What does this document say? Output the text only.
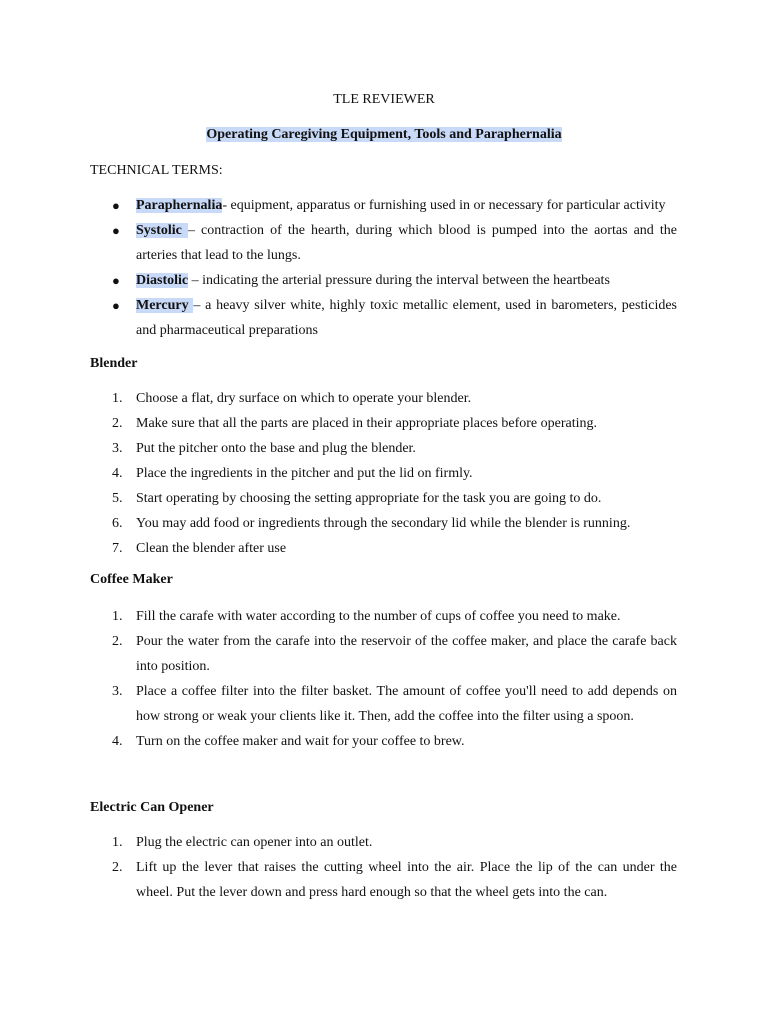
TLE REVIEWER

Operating Caregiving Equipment, Tools and Paraphernalia

TECHNICAL TERMS:

● Paraphernalia- equipment, apparatus or furnishing used in or necessary for particular activity
● Systolic – contraction of the hearth, during which blood is pumped into the aortas and the arteries that lead to the lungs.
● Diastolic – indicating the arterial pressure during the interval between the heartbeats
● Mercury – a heavy silver white, highly toxic metallic element, used in barometers, pesticides and pharmaceutical preparations

Blender

1. Choose a flat, dry surface on which to operate your blender.
2. Make sure that all the parts are placed in their appropriate places before operating.
3. Put the pitcher onto the base and plug the blender.
4. Place the ingredients in the pitcher and put the lid on firmly.
5. Start operating by choosing the setting appropriate for the task you are going to do.
6. You may add food or ingredients through the secondary lid while the blender is running.
7. Clean the blender after use

Coffee Maker

1. Fill the carafe with water according to the number of cups of coffee you need to make.
2. Pour the water from the carafe into the reservoir of the coffee maker, and place the carafe back into position.
3. Place a coffee filter into the filter basket. The amount of coffee you'll need to add depends on how strong or weak your clients like it. Then, add the coffee into the filter using a spoon.
4. Turn on the coffee maker and wait for your coffee to brew.

Electric Can Opener

1. Plug the electric can opener into an outlet.
2. Lift up the lever that raises the cutting wheel into the air. Place the lip of the can under the wheel. Put the lever down and press hard enough so that the wheel gets into the can.
